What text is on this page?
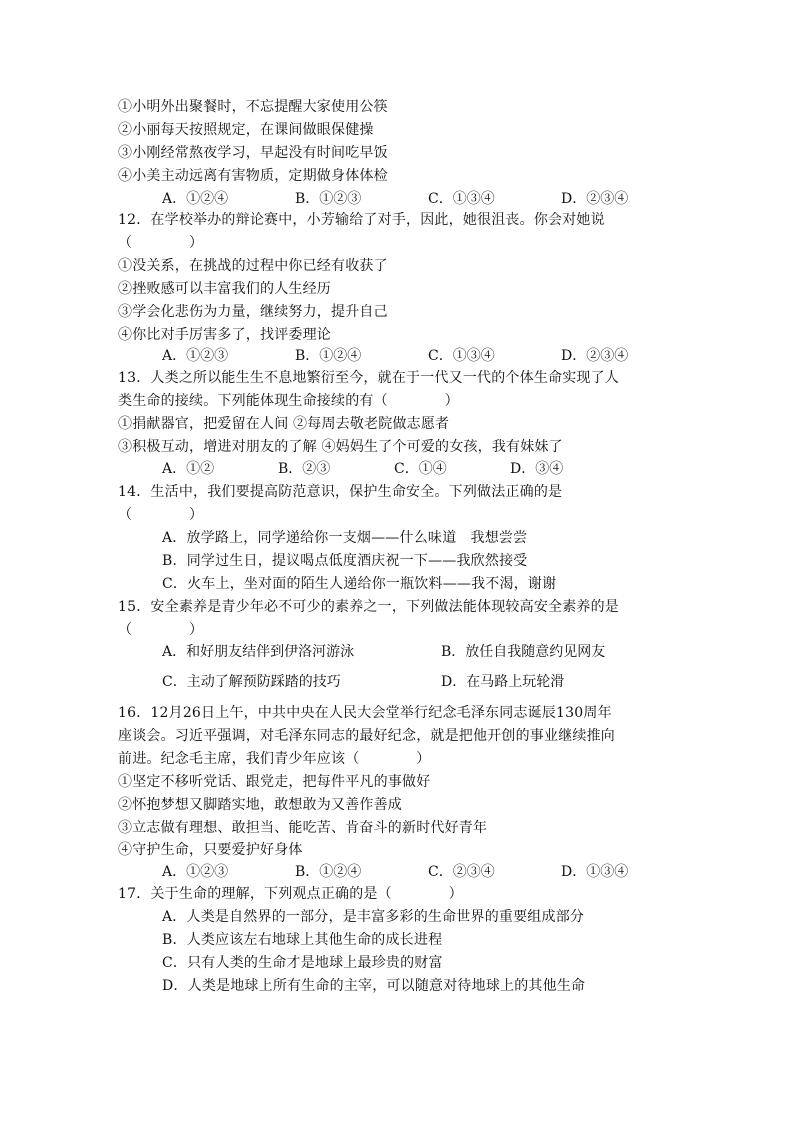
①小明外出聚餐时，不忘提醒大家使用公筷
②小丽每天按照规定，在课间做眼保健操
③小刚经常熬夜学习，早起没有时间吃早饭
④小美主动远离有害物质，定期做身体体检
A．①②④	B．①②③	C．①③④	D．②③④
12．在学校举办的辩论赛中，小芳输给了对手，因此，她很沮丧。你会对她说
（　　　　）
①没关系，在挑战的过程中你已经有收获了
②挫败感可以丰富我们的人生经历
③学会化悲伤为力量，继续努力，提升自己
④你比对手厉害多了，找评委理论
A．①②③	B．①②④	C．①③④	D．②③④
13．人类之所以能生生不息地繁衍至今，就在于一代又一代的个体生命实现了人
类生命的接续。下列能体现生命接续的有（　　　　）
①捐献器官，把爱留在人间 ②每周去敬老院做志愿者
③积极互动，增进对朋友的了解 ④妈妈生了个可爱的女孩，我有妹妹了
A．①②	B．②③	C．①④	D．③④
14．生活中，我们要提高防范意识，保护生命安全。下列做法正确的是
（　　　　）
A．放学路上，同学递给你一支烟——什么味道　我想尝尝
B．同学过生日，提议喝点低度酒庆祝一下——我欣然接受
C．火车上，坐对面的陌生人递给你一瓶饮料——我不渴，谢谢
15．安全素养是青少年必不可少的素养之一，下列做法能体现较高安全素养的是
（　　　　）
A．和好朋友结伴到伊洛河游泳	B．放任自我随意约见网友
C．主动了解预防踩踏的技巧	D．在马路上玩轮滑
16．12月26日上午，中共中央在人民大会堂举行纪念毛泽东同志诞辰130周年
座谈会。习近平强调，对毛泽东同志的最好纪念，就是把他开创的事业继续推向
前进。纪念毛主席，我们青少年应该（　　　　）
①坚定不移听党话、跟党走，把每件平凡的事做好
②怀抱梦想又脚踏实地，敢想敢为又善作善成
③立志做有理想、敢担当、能吃苦、肯奋斗的新时代好青年
④守护生命，只要爱护好身体
A．①②③	B．①②④	C．②③④	D．①③④
17．关于生命的理解，下列观点正确的是（　　　　）
A．人类是自然界的一部分，是丰富多彩的生命世界的重要组成部分
B．人类应该左右地球上其他生命的成长进程
C．只有人类的生命才是地球上最珍贵的财富
D．人类是地球上所有生命的主宰，可以随意对待地球上的其他生命
